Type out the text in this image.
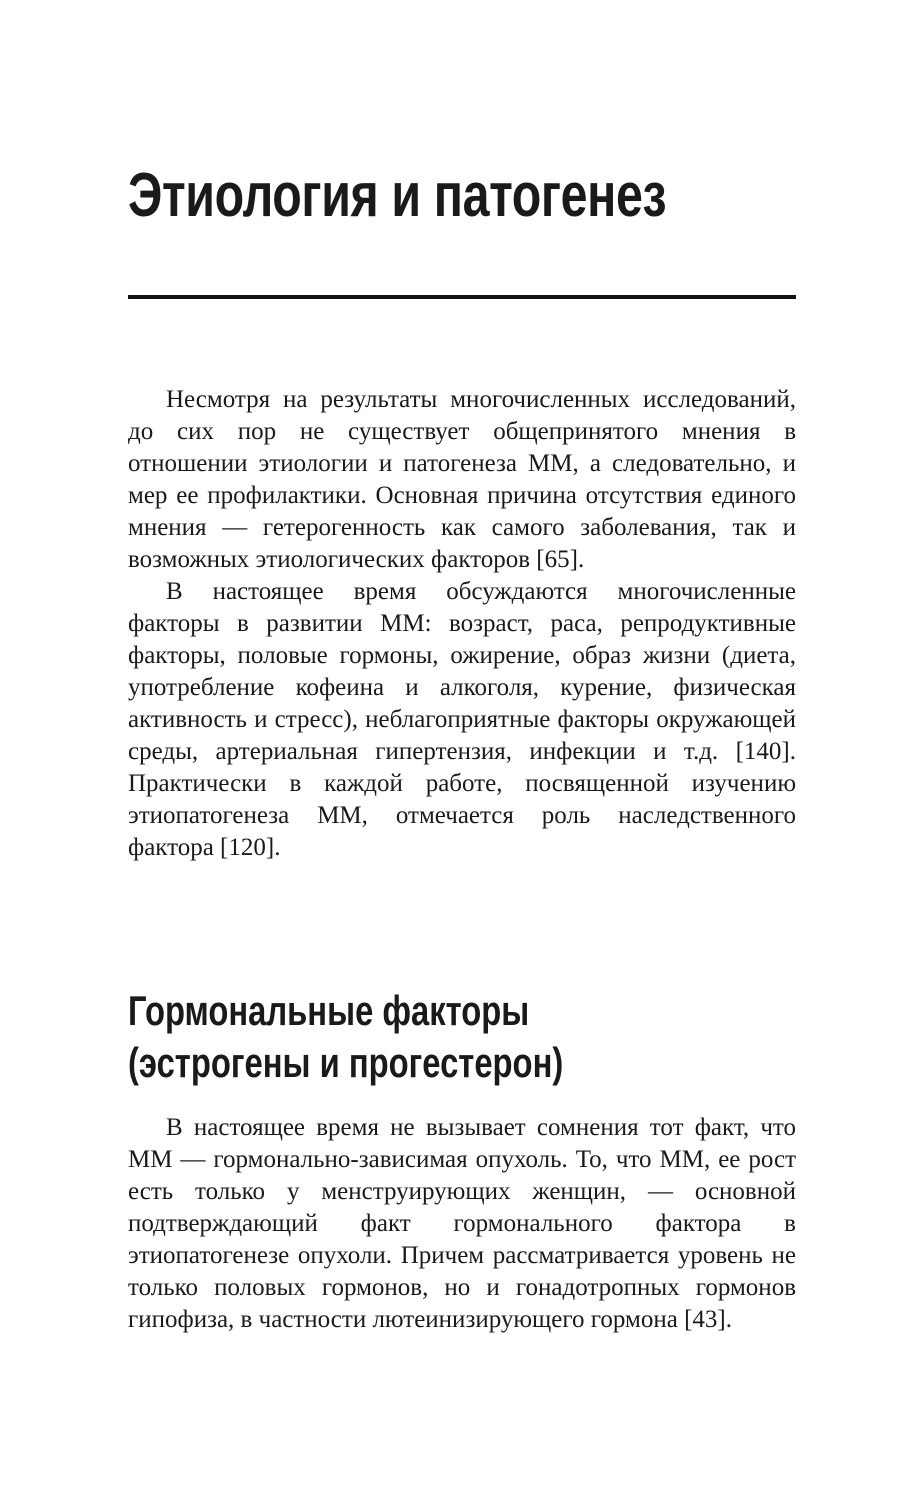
Этиология и патогенез

Несмотря на результаты многочисленных исследований, до сих пор не существует общепринятого мнения в отношении этиологии и патогенеза ММ, а следовательно, и мер ее профилактики. Основная причина отсутствия единого мнения — гетерогенность как самого заболевания, так и возможных этиологических факторов [65].

В настоящее время обсуждаются многочисленные факторы в развитии ММ: возраст, раса, репродуктивные факторы, половые гормоны, ожирение, образ жизни (диета, употребление кофеина и алкоголя, курение, физическая активность и стресс), неблагоприятные факторы окружающей среды, артериальная гипертензия, инфекции и т.д. [140]. Практически в каждой работе, посвященной изучению этиопатогенеза ММ, отмечается роль наследственного фактора [120].

Гормональные факторы
(эстрогены и прогестерон)

В настоящее время не вызывает сомнения тот факт, что ММ — гормонально-зависимая опухоль. То, что ММ, ее рост есть только у менструирующих женщин, — основной подтверждающий факт гормонального фактора в этиопатогенезе опухоли. Причем рассматривается уровень не только половых гормонов, но и гонадотропных гормонов гипофиза, в частности лютеинизирующего гормона [43].
